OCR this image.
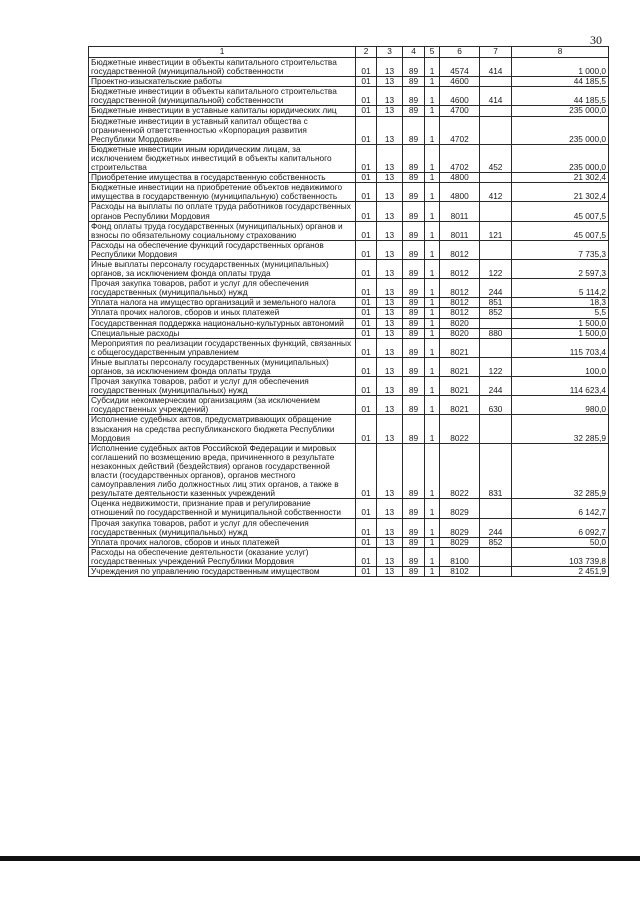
30
1	2	3	4	5	6	7	8
Бюджетные инвестиции в объекты капитального строительства государственной (муниципальной) собственности	01	13	89	1	4574	414	1 000,0
Проектно-изыскательские работы	01	13	89	1	4600		44 185,5
Бюджетные инвестиции в объекты капитального строительства государственной (муниципальной) собственности	01	13	89	1	4600	414	44 185,5
Бюджетные инвестиции в уставные капиталы юридических лиц	01	13	89	1	4700		235 000,0
Бюджетные инвестиции в уставный капитал общества с ограниченной ответственностью «Корпорация развития Республики Мордовия»	01	13	89	1	4702		235 000,0
Бюджетные инвестиции иным юридическим лицам, за исключением бюджетных инвестиций в объекты капитального строительства	01	13	89	1	4702	452	235 000,0
Приобретение имущества в государственную собственность	01	13	89	1	4800		21 302,4
Бюджетные инвестиции на приобретение объектов недвижимого имущества в государственную (муниципальную) собственность	01	13	89	1	4800	412	21 302,4
Расходы на выплаты по оплате труда работников государственных органов Республики Мордовия	01	13	89	1	8011		45 007,5
Фонд оплаты труда государственных (муниципальных) органов и взносы по обязательному социальному страхованию	01	13	89	1	8011	121	45 007,5
Расходы на обеспечение функций государственных органов Республики Мордовия	01	13	89	1	8012		7 735,3
Иные выплаты персоналу государственных (муниципальных) органов, за исключением фонда оплаты труда	01	13	89	1	8012	122	2 597,3
Прочая закупка товаров, работ и услуг для обеспечения государственных (муниципальных) нужд	01	13	89	1	8012	244	5 114,2
Уплата налога на имущество организаций и земельного налога	01	13	89	1	8012	851	18,3
Уплата прочих налогов, сборов и иных платежей	01	13	89	1	8012	852	5,5
Государственная поддержка национально-культурных автономий	01	13	89	1	8020		1 500,0
Специальные расходы	01	13	89	1	8020	880	1 500,0
Мероприятия по реализации государственных функций, связанных с общегосударственным управлением	01	13	89	1	8021		115 703,4
Иные выплаты персоналу государственных (муниципальных) органов, за исключением фонда оплаты труда	01	13	89	1	8021	122	100,0
Прочая закупка товаров, работ и услуг для обеспечения государственных (муниципальных) нужд	01	13	89	1	8021	244	114 623,4
Субсидии некоммерческим организациям (за исключением государственных учреждений)	01	13	89	1	8021	630	980,0
Исполнение судебных актов, предусматривающих обращение взыскания на средства республиканского бюджета Республики Мордовия	01	13	89	1	8022		32 285,9
Исполнение судебных актов Российской Федерации и мировых соглашений по возмещению вреда, причиненного в результате незаконных действий (бездействия) органов государственной власти (государственных органов), органов местного самоуправления либо должностных лиц этих органов, а также в результате деятельности казенных учреждений	01	13	89	1	8022	831	32 285,9
Оценка недвижимости, признание прав и регулирование отношений по государственной и муниципальной собственности	01	13	89	1	8029		6 142,7
Прочая закупка товаров, работ и услуг для обеспечения государственных (муниципальных) нужд	01	13	89	1	8029	244	6 092,7
Уплата прочих налогов, сборов и иных платежей	01	13	89	1	8029	852	50,0
Расходы на обеспечение деятельности (оказание услуг) государственных учреждений Республики Мордовия	01	13	89	1	8100		103 739,8
Учреждения по управлению государственным имуществом	01	13	89	1	8102		2 451,9
